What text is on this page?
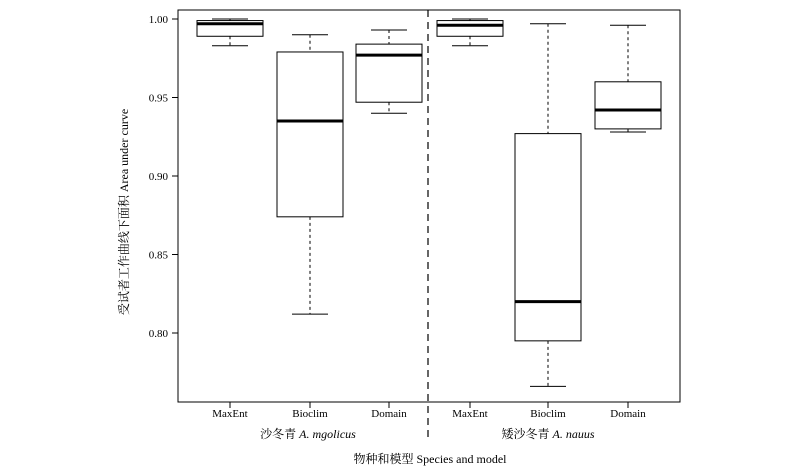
0.80
0.85
0.90
0.95
1.00
MaxEnt	Bioclim	Domain
沙冬青 A. mgolicus
MaxEnt	Bioclim	Domain
矮沙冬青 A. nauus
受试者工作曲线下面积 Area under curve
物种和模型 Species and model
